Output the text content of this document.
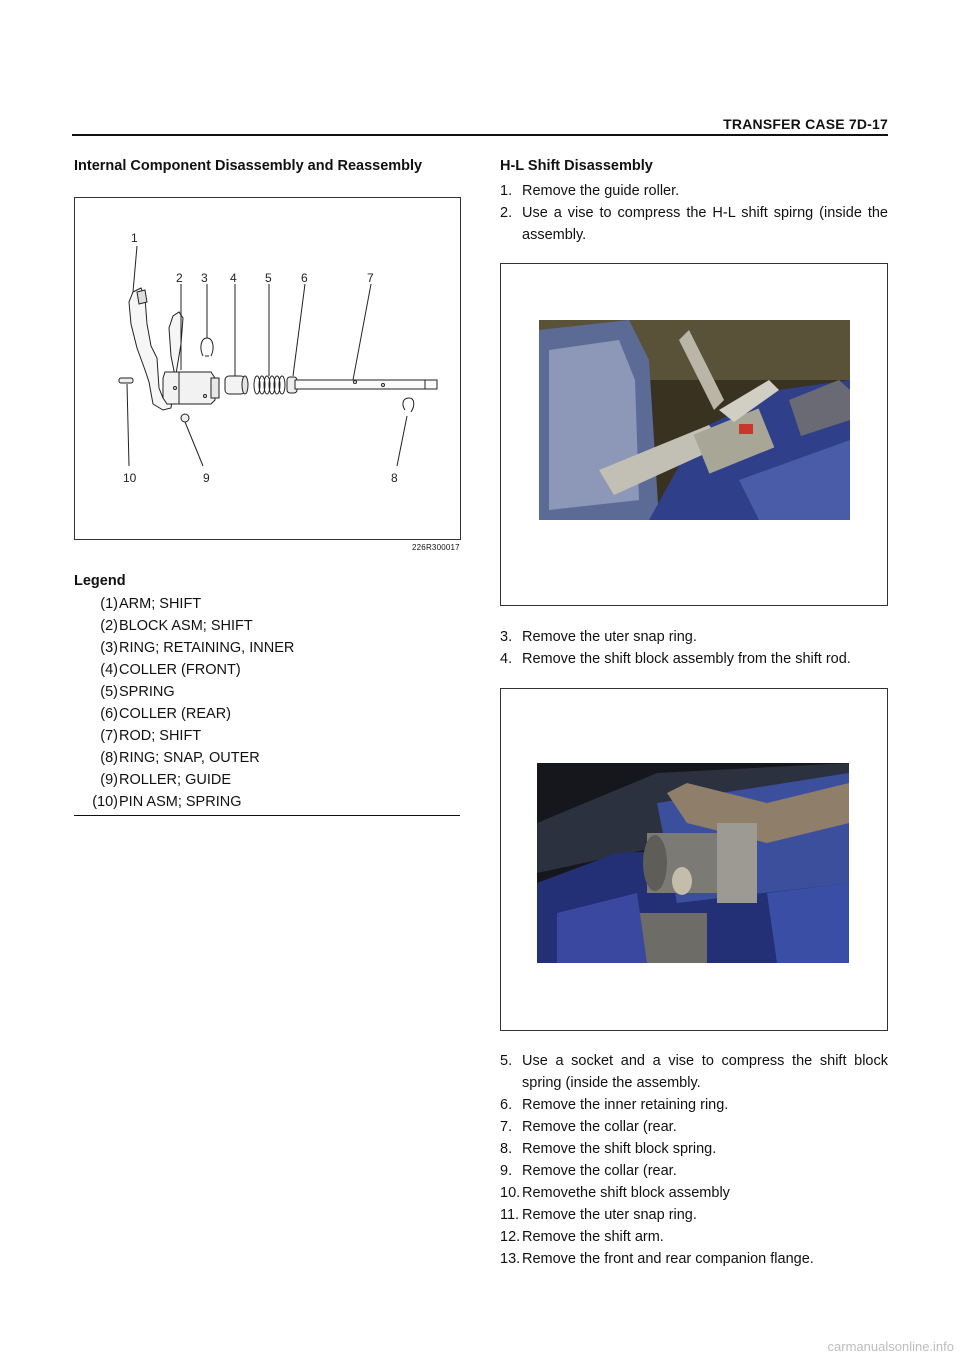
TRANSFER CASE 7D-17
Internal Component Disassembly and Reassembly
1
2 3 4 5 6	7
8
9
10
226R300017
Legend
(1)ARM; SHIFT
(2)BLOCK ASM; SHIFT
(3)RING; RETAINING, INNER
(4)COLLER (FRONT)
(5)SPRING
(6)COLLER (REAR)
(7)ROD; SHIFT
(8)RING; SNAP, OUTER
(9)ROLLER; GUIDE
(10)PIN ASM; SPRING
H-L Shift Disassembly
1. Remove the guide roller.
2. Use a vise to compress the H-L shift spirng (inside the assembly.
3. Remove the uter snap ring.
4. Remove the shift block assembly from the shift rod.
5. Use a socket and a vise to compress the shift block spring (inside the assembly.
6. Remove the inner retaining ring.
7. Remove the collar (rear.
8. Remove the shift block spring.
9. Remove the collar (rear.
10. Removethe shift block assembly
11. Remove the uter snap ring.
12. Remove the shift arm.
13. Remove the front and rear companion flange.
carmanualsonline.info
